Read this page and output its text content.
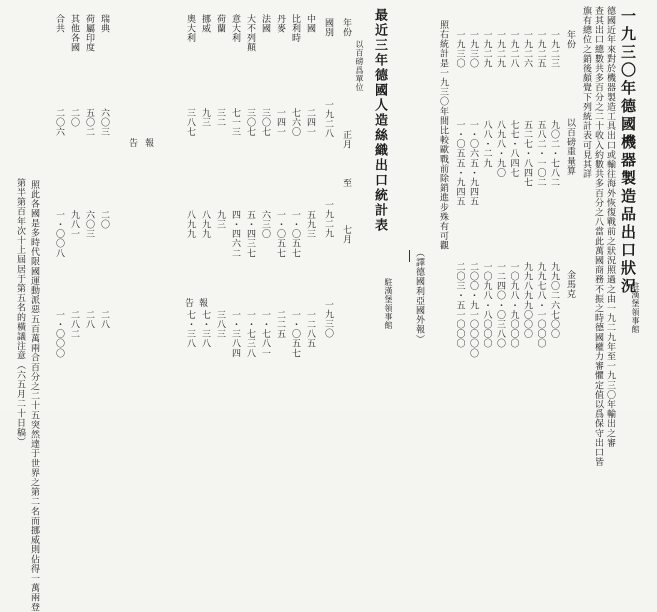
一九三〇年德國機器製造品出口狀況
駐漢堡領事館
德國近年來對於機器製造工具出口或輸往海外恢復戰前之狀況照過之由一九二九年至一九三〇年輸出之審
查其出口總數共多百分之二十收入約數共多百分之八當此萬國商務不振之時德國權力審懼定值以爲保守出口皆
旗有總位之銷後頗覺下列統計表可見其詳
年份
以百磅重量算
金馬克
一九二三
九〇二・七八二
九九〇二六七〇〇
一九二五
五八二・一〇二
九九七八・一〇〇〇
一九二六
五二七・八四七
九九八九九〇〇〇
一九二八
七七・八四七
一〇九八・九〇〇〇
一九二九
八九八・九〇
一二四〇・〇三八〇
一九二九
八八・二九
一〇九八・八〇〇〇
一九三〇
一・〇六五・九四五
二〇〇・九一〇〇〇〇
一九三〇
一・〇五五・九四五
二〇三・五一〇〇〇
照右統計是一九三〇年間比較歐戰前除銷進步殊有可觀
（譯德國利亞國外報）
最近三年德國人造絲織出口統計表
駐漢堡領事館
以百磅爲單位
年份
正月
至
七月
國別
一九二八
一九二九
一九三〇
中國
二四一
五九三
一二八五
比利時
七六〇
一・〇五七
一・〇五七
丹麥
一四一
一・〇五七
二二五
法國
三〇七
六三〇
一・七八一
大不列顛
三〇七
五・四三七
一・七三八
意大利
七一三
四・四六二
一・三八四
荷蘭
三二
九三
三八三
挪威
九三
八九九
七・三八
奧大利
三八七
八九九
七・三八
瑞典
六〇三
二〇
二八
荷屬印度
五〇二
六〇三
二八
其他各國
二〇
九八一
二八二
合共
二〇六
一・〇〇八
一・〇〇〇
報
告
報
告
照此各國是多時代限國運動派惡五百萬兩合百分之二十五突然達于世界之第二名而挪威則佔得一萬兩登
第半第百年次十上屆居于第五名的橫議注意（六五月二十日稿）
